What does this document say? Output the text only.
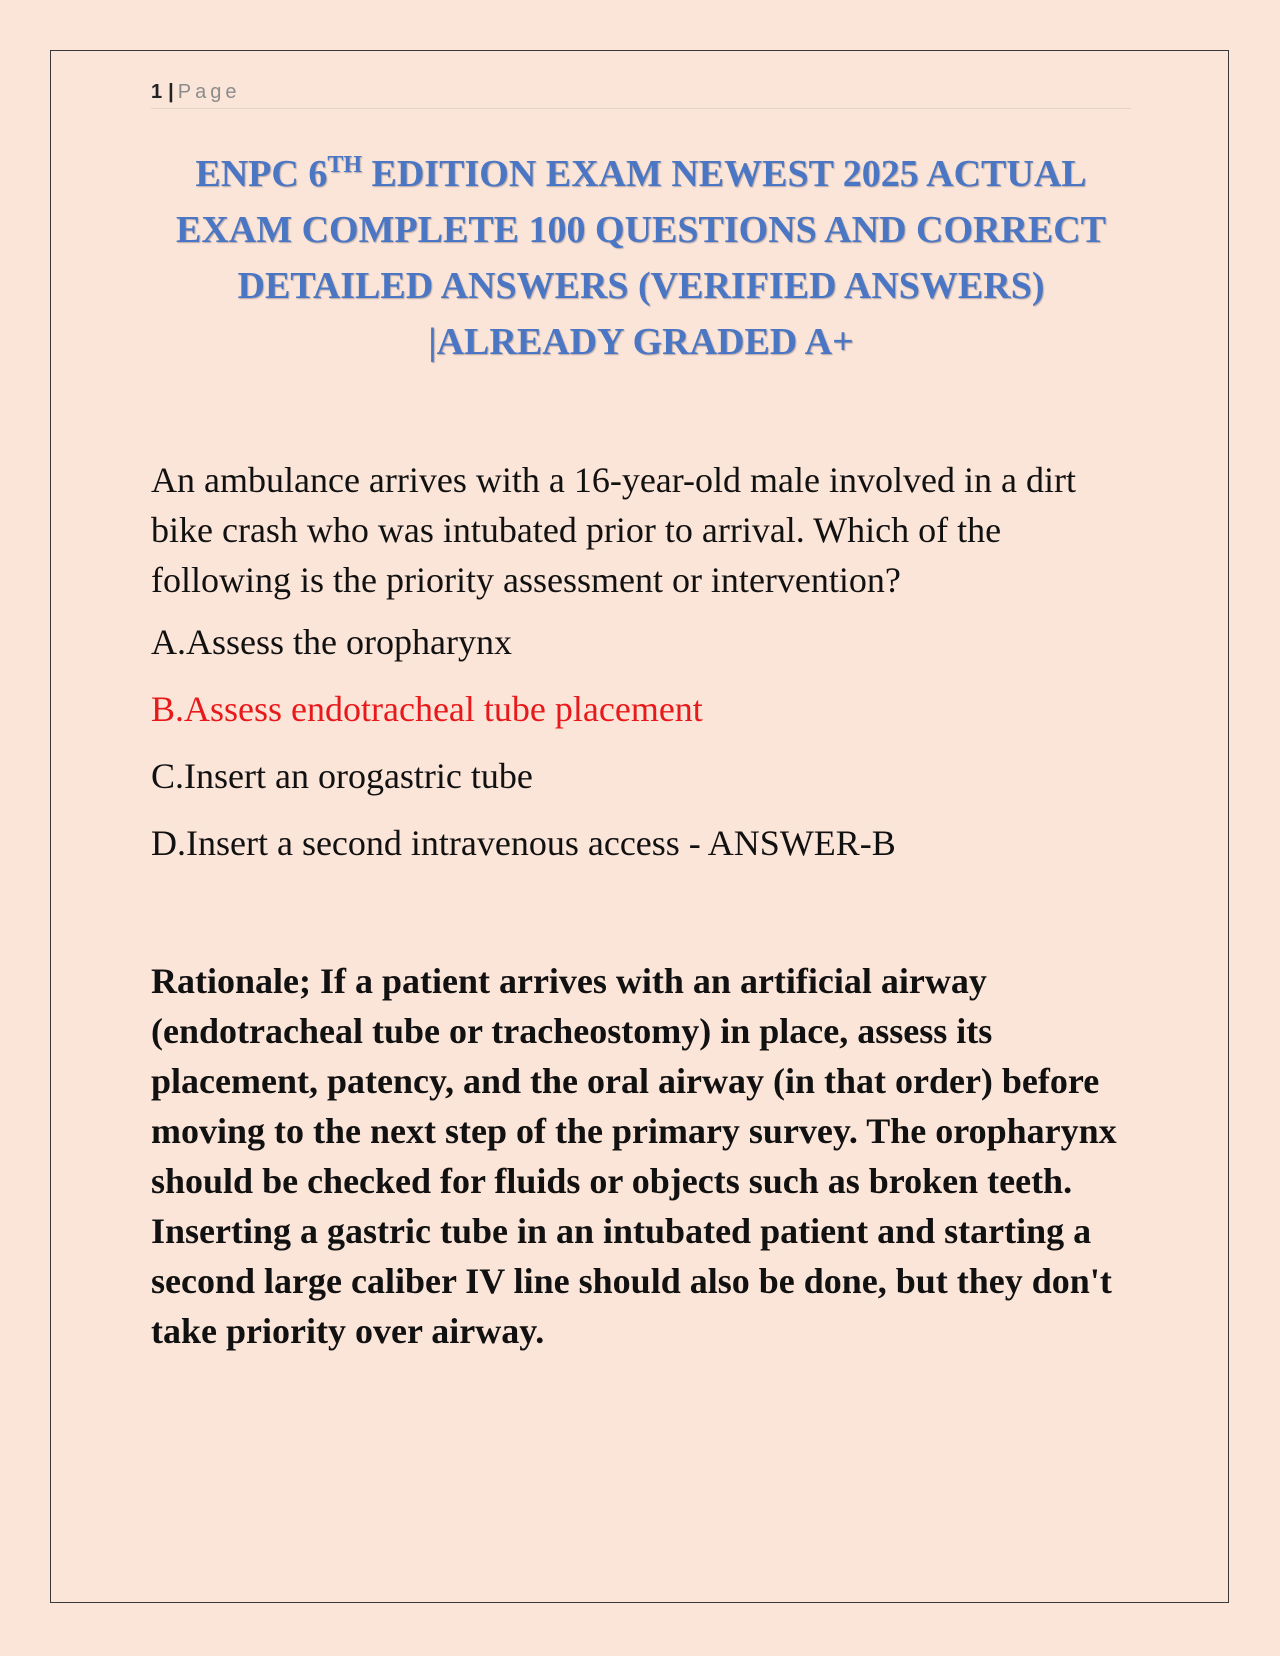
1 | Page
ENPC 6TH EDITION EXAM NEWEST 2025 ACTUAL
EXAM COMPLETE 100 QUESTIONS AND CORRECT
DETAILED ANSWERS (VERIFIED ANSWERS)
|ALREADY GRADED A+

An ambulance arrives with a 16-year-old male involved in a dirt bike crash who was intubated prior to arrival. Which of the following is the priority assessment or intervention?

A.Assess the oropharynx

B.Assess endotracheal tube placement

C.Insert an orogastric tube

D.Insert a second intravenous access - ANSWER-B

Rationale; If a patient arrives with an artificial airway (endotracheal tube or tracheostomy) in place, assess its placement, patency, and the oral airway (in that order) before moving to the next step of the primary survey. The oropharynx should be checked for fluids or objects such as broken teeth. Inserting a gastric tube in an intubated patient and starting a second large caliber IV line should also be done, but they don't take priority over airway.
